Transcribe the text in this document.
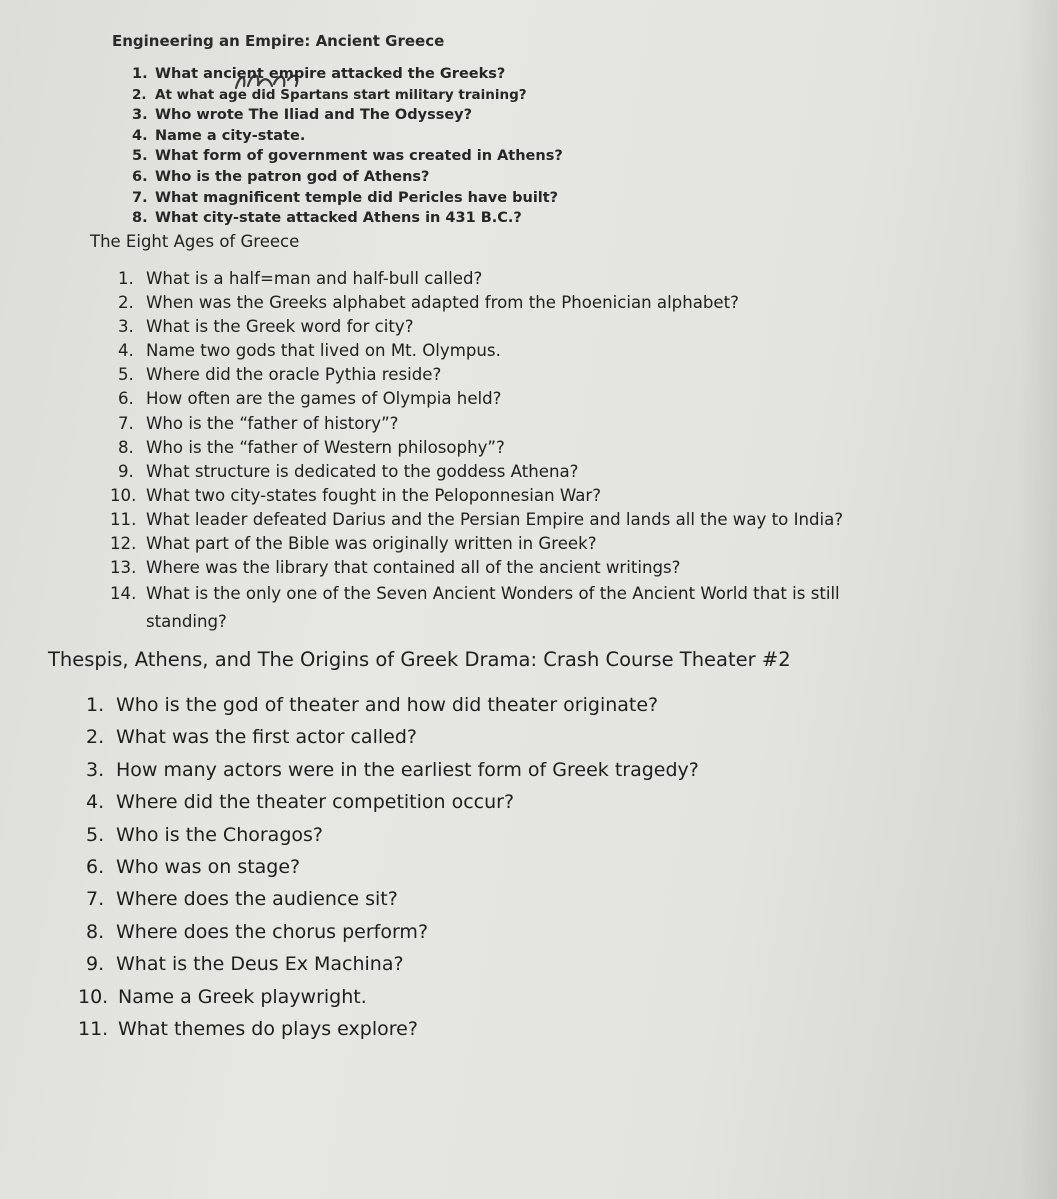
Engineering an Empire: Ancient Greece
1. What ancient empire attacked the Greeks?
2. At what age did Spartans start military training?
3. Who wrote The Iliad and The Odyssey?
4. Name a city-state.
5. What form of government was created in Athens?
6. Who is the patron god of Athens?
7. What magnificent temple did Pericles have built?
8. What city-state attacked Athens in 431 B.C.?
The Eight Ages of Greece
1. What is a half=man and half-bull called?
2. When was the Greeks alphabet adapted from the Phoenician alphabet?
3. What is the Greek word for city?
4. Name two gods that lived on Mt. Olympus.
5. Where did the oracle Pythia reside?
6. How often are the games of Olympia held?
7. Who is the “father of history”?
8. Who is the “father of Western philosophy”?
9. What structure is dedicated to the goddess Athena?
10. What two city-states fought in the Peloponnesian War?
11. What leader defeated Darius and the Persian Empire and lands all the way to India?
12. What part of the Bible was originally written in Greek?
13. Where was the library that contained all of the ancient writings?
14. What is the only one of the Seven Ancient Wonders of the Ancient World that is still
standing?
Thespis, Athens, and The Origins of Greek Drama: Crash Course Theater #2
1. Who is the god of theater and how did theater originate?
2. What was the first actor called?
3. How many actors were in the earliest form of Greek tragedy?
4. Where did the theater competition occur?
5. Who is the Choragos?
6. Who was on stage?
7. Where does the audience sit?
8. Where does the chorus perform?
9. What is the Deus Ex Machina?
10. Name a Greek playwright.
11. What themes do plays explore?
